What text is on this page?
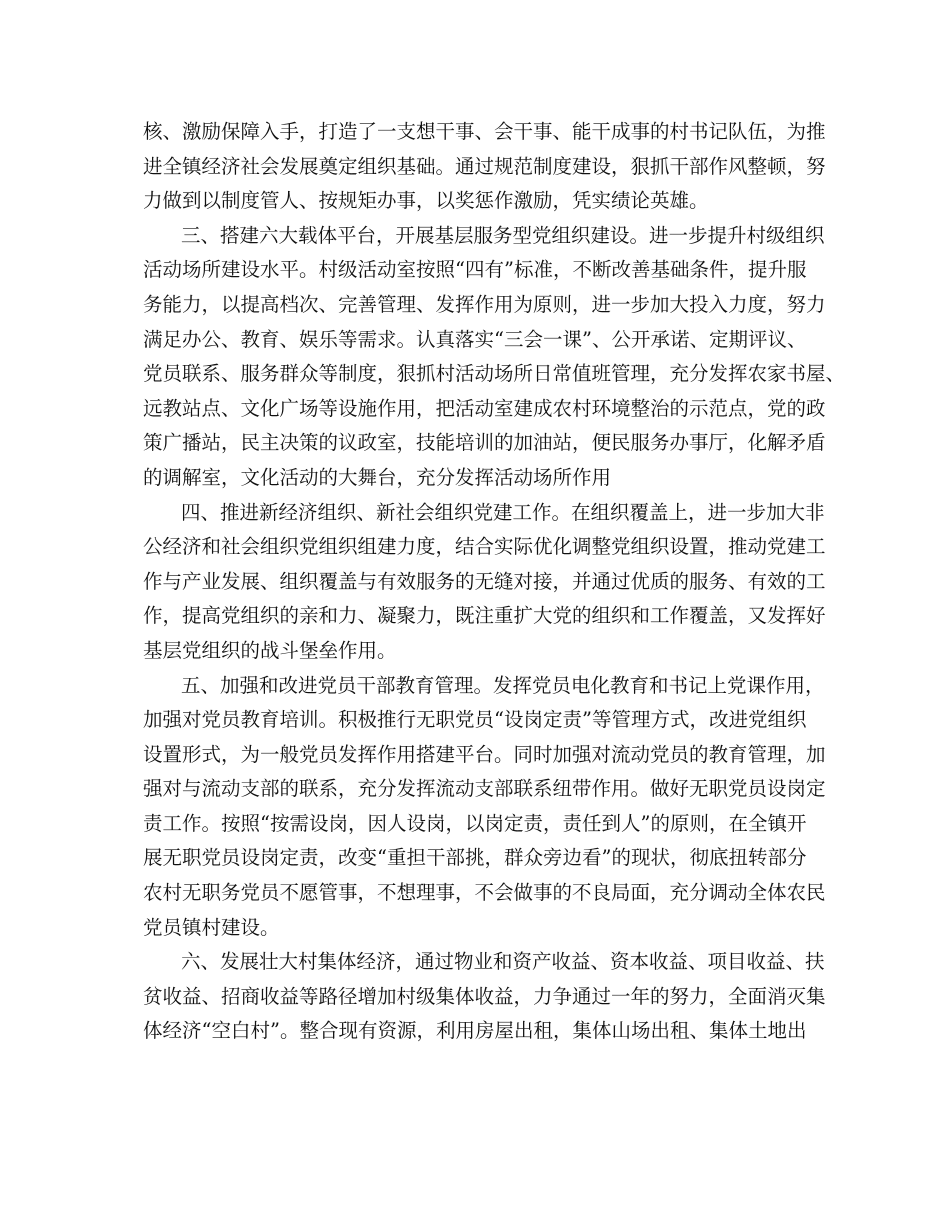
核、激励保障入手，打造了一支想干事、会干事、能干成事的村书记队伍，为推
进全镇经济社会发展奠定组织基础。通过规范制度建设，狠抓干部作风整顿，努
力做到以制度管人、按规矩办事，以奖惩作激励，凭实绩论英雄。
三、搭建六大载体平台，开展基层服务型党组织建设。进一步提升村级组织
活动场所建设水平。村级活动室按照“四有”标准，不断改善基础条件，提升服
务能力，以提高档次、完善管理、发挥作用为原则，进一步加大投入力度，努力
满足办公、教育、娱乐等需求。认真落实“三会一课”、公开承诺、定期评议、
党员联系、服务群众等制度，狠抓村活动场所日常值班管理，充分发挥农家书屋、
远教站点、文化广场等设施作用，把活动室建成农村环境整治的示范点，党的政
策广播站，民主决策的议政室，技能培训的加油站，便民服务办事厅，化解矛盾
的调解室，文化活动的大舞台，充分发挥活动场所作用
四、推进新经济组织、新社会组织党建工作。在组织覆盖上，进一步加大非
公经济和社会组织党组织组建力度，结合实际优化调整党组织设置，推动党建工
作与产业发展、组织覆盖与有效服务的无缝对接，并通过优质的服务、有效的工
作，提高党组织的亲和力、凝聚力，既注重扩大党的组织和工作覆盖，又发挥好
基层党组织的战斗堡垒作用。
五、加强和改进党员干部教育管理。发挥党员电化教育和书记上党课作用，
加强对党员教育培训。积极推行无职党员“设岗定责”等管理方式，改进党组织
设置形式，为一般党员发挥作用搭建平台。同时加强对流动党员的教育管理，加
强对与流动支部的联系，充分发挥流动支部联系纽带作用。做好无职党员设岗定
责工作。按照“按需设岗，因人设岗，以岗定责，责任到人”的原则，在全镇开
展无职党员设岗定责，改变“重担干部挑，群众旁边看”的现状，彻底扭转部分
农村无职务党员不愿管事，不想理事，不会做事的不良局面，充分调动全体农民
党员镇村建设。
六、发展壮大村集体经济，通过物业和资产收益、资本收益、项目收益、扶
贫收益、招商收益等路径增加村级集体收益，力争通过一年的努力，全面消灭集
体经济“空白村”。整合现有资源，利用房屋出租，集体山场出租、集体土地出
